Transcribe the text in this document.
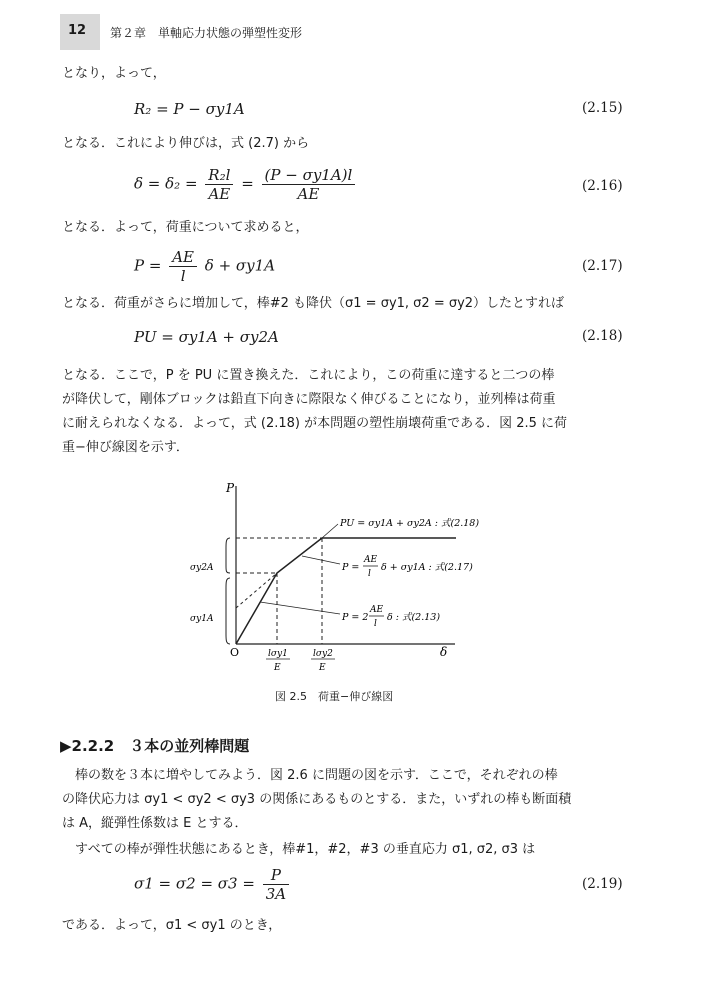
12 第２章　単軸応力状態の弾塑性変形
となり，よって，
R₂ = P − σy1A	(2.15)
となる．これにより伸びは，式 (2.7) から
$\delta = \delta_2 = \frac{\text{R₂l}}{AE} = \frac{(P - \sigma y1A)l}{AE}$	(2.16)
となる．よって，荷重について求めると，
$P = \frac{AE}{l}$ δ + σy1A	(2.17)
となる．荷重がさらに増加して，棒#2 も降伏（σ1 = σy1, σ2 = σy2）したとすれば
PU = σy1A + σy2A	(2.18)
となる．ここで，P を PU に置き換えた．これにより，この荷重に達すると二つの棒
が降伏して，剛体ブロックは鉛直下向きに際限なく伸びることになり，並列棒は荷重
に耐えられなくなる．よって，式 (2.18) が本問題の塑性崩壊荷重である．図 2.5 に荷
重−伸び線図を示す．
P
δ
O
σy2A
σy1A
lσy1
E
lσy2
E
PU = σy1A + σy2A : 式(2.18)
P =
AE
l
δ + σy1A : 式(2.17)
P = 2
AE
l
δ : 式(2.13)
図 2.5　荷重−伸び線図
▶2.2.2　３本の並列棒問題
棒の数を３本に増やしてみよう．図 2.6 に問題の図を示す．ここで，それぞれの棒
の降伏応力は σy1 < σy2 < σy3 の関係にあるものとする．また，いずれの棒も断面積
は A，縦弾性係数は E とする．
すべての棒が弾性状態にあるとき，棒#1，#2，#3 の垂直応力 σ1, σ2, σ3 は
$\sigma 1 = \sigma 2 = \sigma 3 = \frac{P}{3A}$	(2.19)
である．よって，σ1 < σy1 のとき，
